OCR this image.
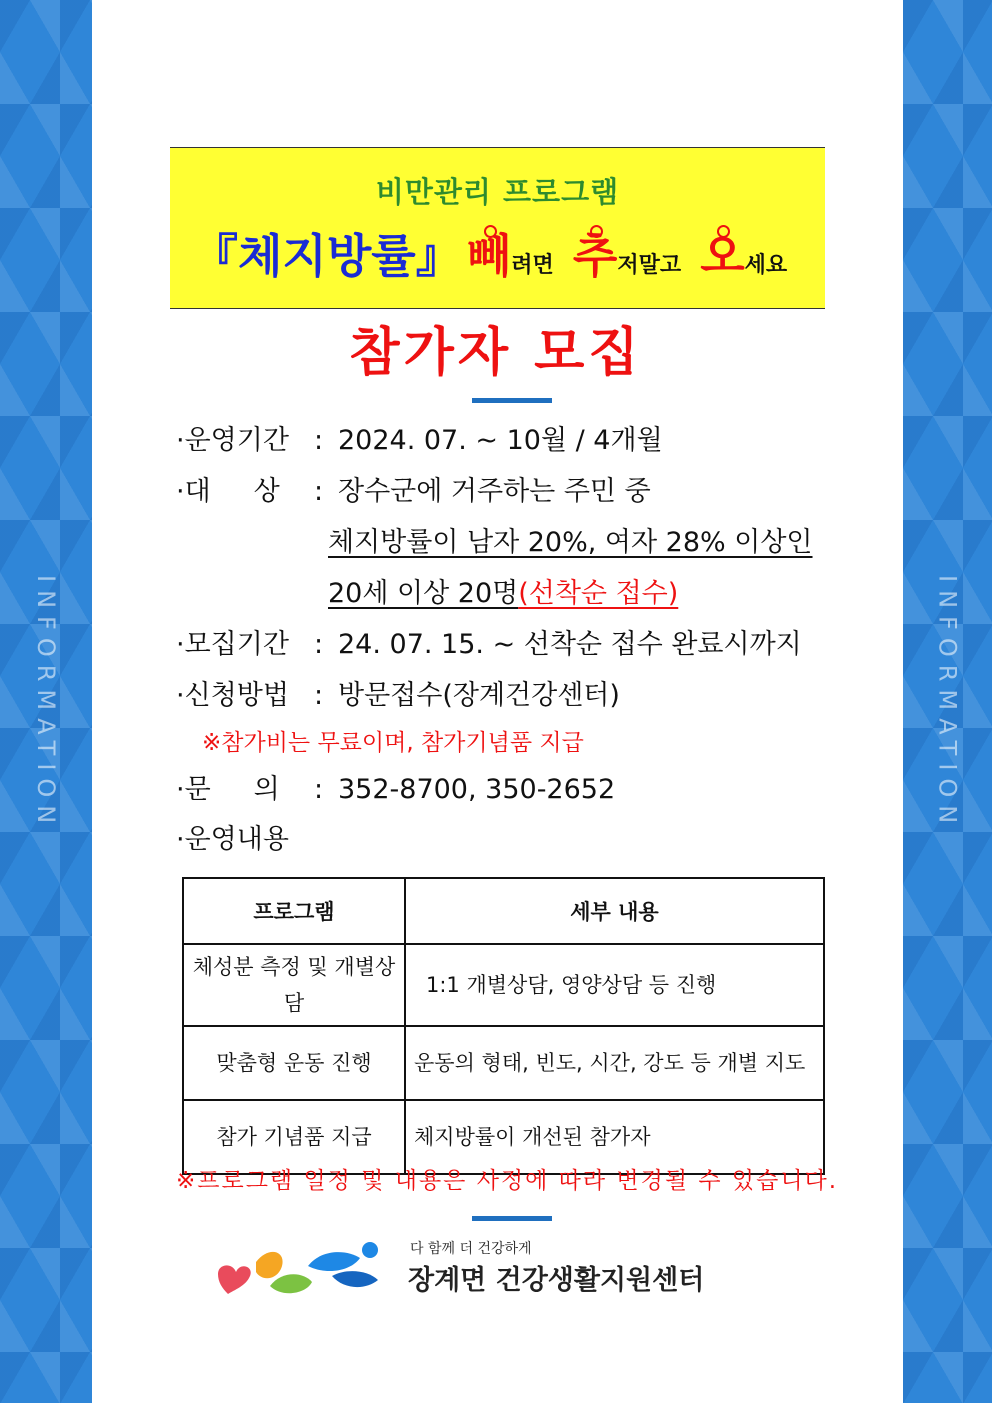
INFORMATION	INFORMATION
비만관리 프로그램
『체지방률』 빼려면 추저말고 오세요
참가자 모집
·운영기간 : 2024. 07. ~ 10월 / 4개월
·대     상 : 장수군에 거주하는 주민 중
체지방률이 남자 20%, 여자 28% 이상인
20세 이상 20명(선착순 접수)
·모집기간 : 24. 07. 15. ~ 선착순 접수 완료시까지
·신청방법 : 방문접수(장계건강센터)
※참가비는 무료이며, 참가기념품 지급
·문     의 : 352-8700, 350-2652
·운영내용
프로그램	세부 내용
체성분 측정 및 개별상담	1:1 개별상담, 영양상담 등 진행
맞춤형 운동 진행	운동의 형태, 빈도, 시간, 강도 등 개별 지도
참가 기념품 지급	체지방률이 개선된 참가자
※프로그램 일정 및 내용은 사정에 따라 변경될 수 있습니다.
다 함께 더 건강하게
장계면 건강생활지원센터
